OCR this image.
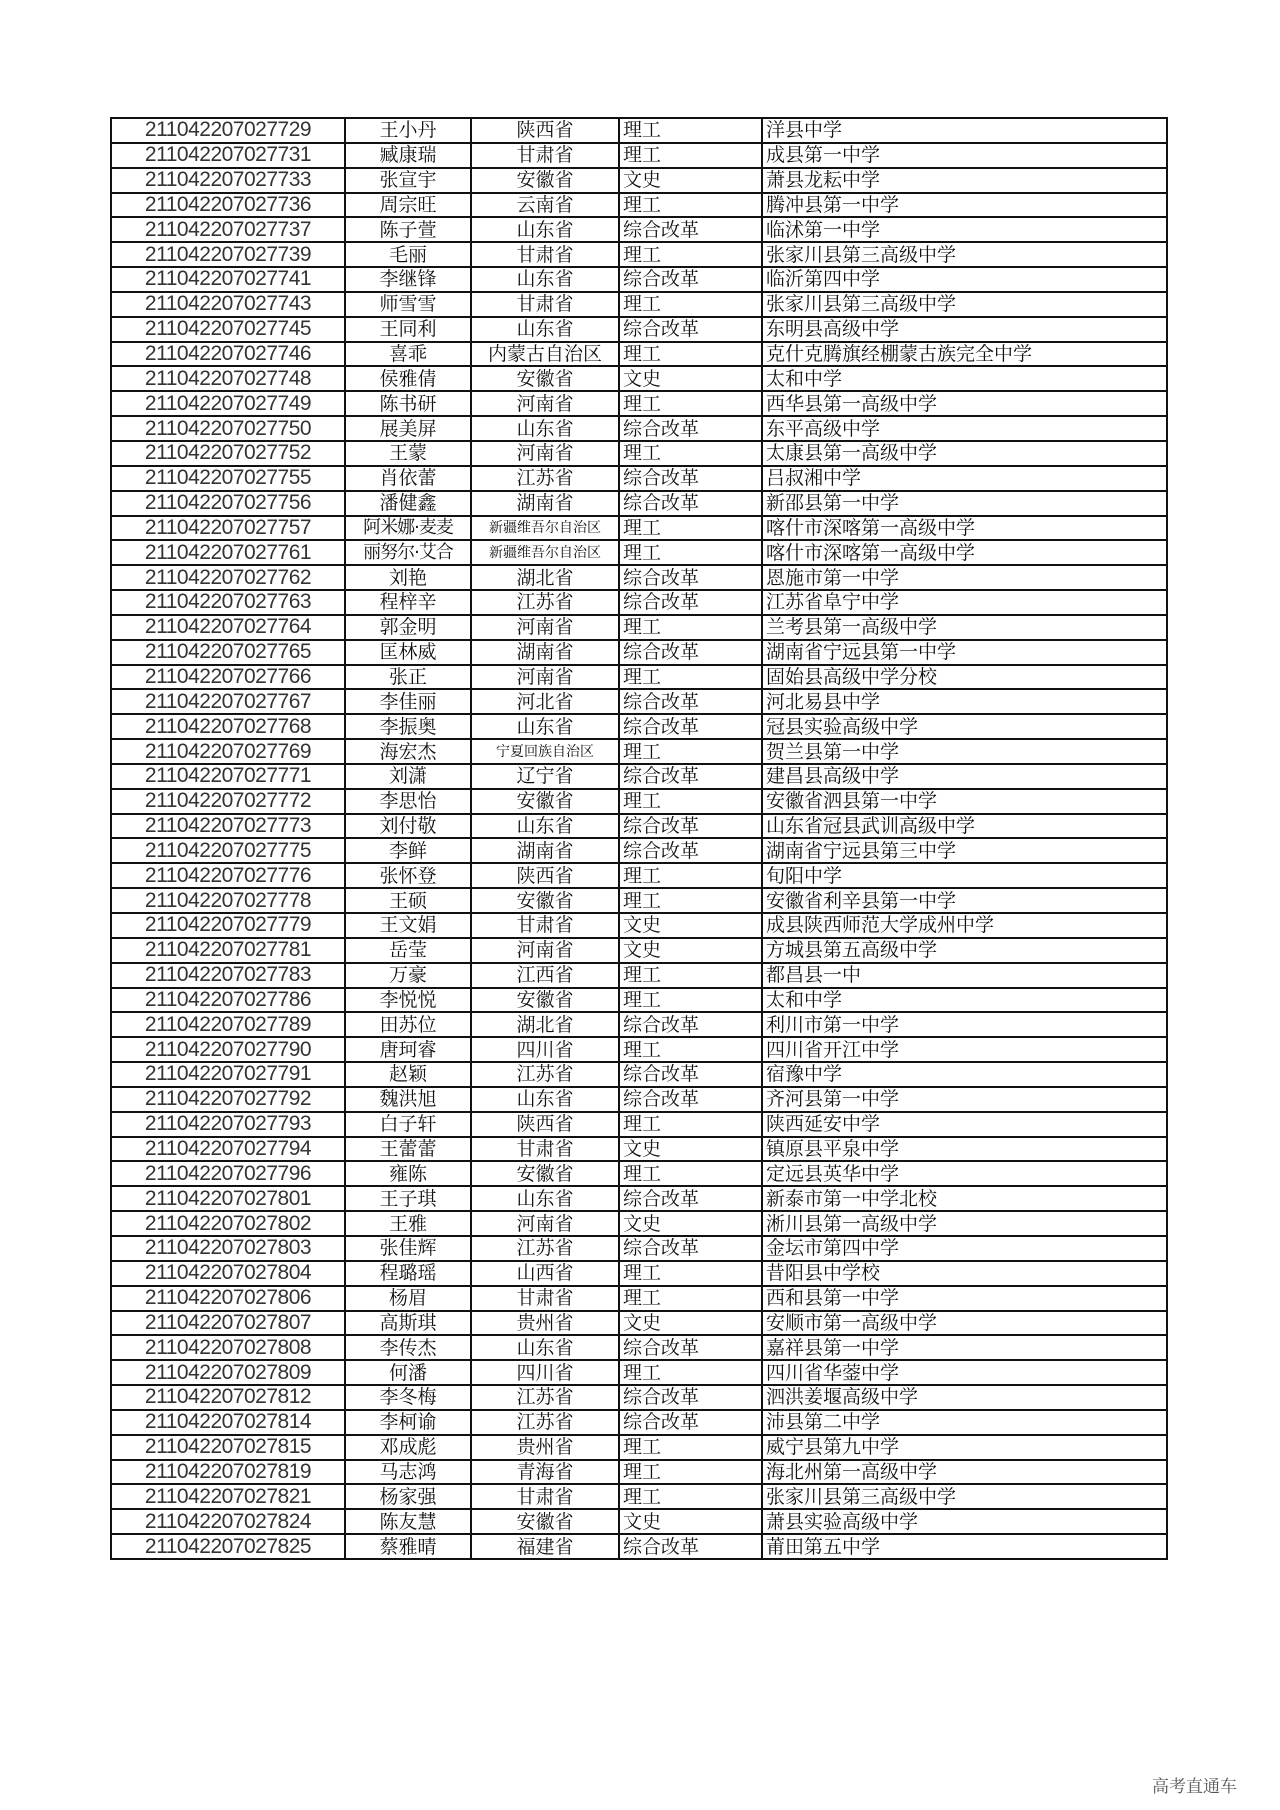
211042207027729	王小丹	陕西省	理工	洋县中学
211042207027731	臧康瑞	甘肃省	理工	成县第一中学
211042207027733	张宣宇	安徽省	文史	萧县龙耘中学
211042207027736	周宗旺	云南省	理工	腾冲县第一中学
211042207027737	陈子萱	山东省	综合改革	临沭第一中学
211042207027739	毛丽	甘肃省	理工	张家川县第三高级中学
211042207027741	李继锋	山东省	综合改革	临沂第四中学
211042207027743	师雪雪	甘肃省	理工	张家川县第三高级中学
211042207027745	王同利	山东省	综合改革	东明县高级中学
211042207027746	喜乖	内蒙古自治区	理工	克什克腾旗经棚蒙古族完全中学
211042207027748	侯雅倩	安徽省	文史	太和中学
211042207027749	陈书研	河南省	理工	西华县第一高级中学
211042207027750	展美屏	山东省	综合改革	东平高级中学
211042207027752	王蒙	河南省	理工	太康县第一高级中学
211042207027755	肖依蕾	江苏省	综合改革	吕叔湘中学
211042207027756	潘健鑫	湖南省	综合改革	新邵县第一中学
211042207027757	阿米娜·麦麦	新疆维吾尔自治区	理工	喀什市深喀第一高级中学
211042207027761	丽努尔·艾合	新疆维吾尔自治区	理工	喀什市深喀第一高级中学
211042207027762	刘艳	湖北省	综合改革	恩施市第一中学
211042207027763	程梓辛	江苏省	综合改革	江苏省阜宁中学
211042207027764	郭金明	河南省	理工	兰考县第一高级中学
211042207027765	匡林威	湖南省	综合改革	湖南省宁远县第一中学
211042207027766	张正	河南省	理工	固始县高级中学分校
211042207027767	李佳丽	河北省	综合改革	河北易县中学
211042207027768	李振奥	山东省	综合改革	冠县实验高级中学
211042207027769	海宏杰	宁夏回族自治区	理工	贺兰县第一中学
211042207027771	刘潇	辽宁省	综合改革	建昌县高级中学
211042207027772	李思怡	安徽省	理工	安徽省泗县第一中学
211042207027773	刘付敬	山东省	综合改革	山东省冠县武训高级中学
211042207027775	李鲜	湖南省	综合改革	湖南省宁远县第三中学
211042207027776	张怀登	陕西省	理工	旬阳中学
211042207027778	王硕	安徽省	理工	安徽省利辛县第一中学
211042207027779	王文娟	甘肃省	文史	成县陕西师范大学成州中学
211042207027781	岳莹	河南省	文史	方城县第五高级中学
211042207027783	万豪	江西省	理工	都昌县一中
211042207027786	李悦悦	安徽省	理工	太和中学
211042207027789	田苏位	湖北省	综合改革	利川市第一中学
211042207027790	唐珂睿	四川省	理工	四川省开江中学
211042207027791	赵颖	江苏省	综合改革	宿豫中学
211042207027792	魏洪旭	山东省	综合改革	齐河县第一中学
211042207027793	白子轩	陕西省	理工	陕西延安中学
211042207027794	王蕾蕾	甘肃省	文史	镇原县平泉中学
211042207027796	雍陈	安徽省	理工	定远县英华中学
211042207027801	王子琪	山东省	综合改革	新泰市第一中学北校
211042207027802	王雅	河南省	文史	淅川县第一高级中学
211042207027803	张佳辉	江苏省	综合改革	金坛市第四中学
211042207027804	程璐瑶	山西省	理工	昔阳县中学校
211042207027806	杨眉	甘肃省	理工	西和县第一中学
211042207027807	高斯琪	贵州省	文史	安顺市第一高级中学
211042207027808	李传杰	山东省	综合改革	嘉祥县第一中学
211042207027809	何潘	四川省	理工	四川省华蓥中学
211042207027812	李冬梅	江苏省	综合改革	泗洪姜堰高级中学
211042207027814	李柯谕	江苏省	综合改革	沛县第二中学
211042207027815	邓成彪	贵州省	理工	威宁县第九中学
211042207027819	马志鸿	青海省	理工	海北州第一高级中学
211042207027821	杨家强	甘肃省	理工	张家川县第三高级中学
211042207027824	陈友慧	安徽省	文史	萧县实验高级中学
211042207027825	蔡雅晴	福建省	综合改革	莆田第五中学
高考直通车
